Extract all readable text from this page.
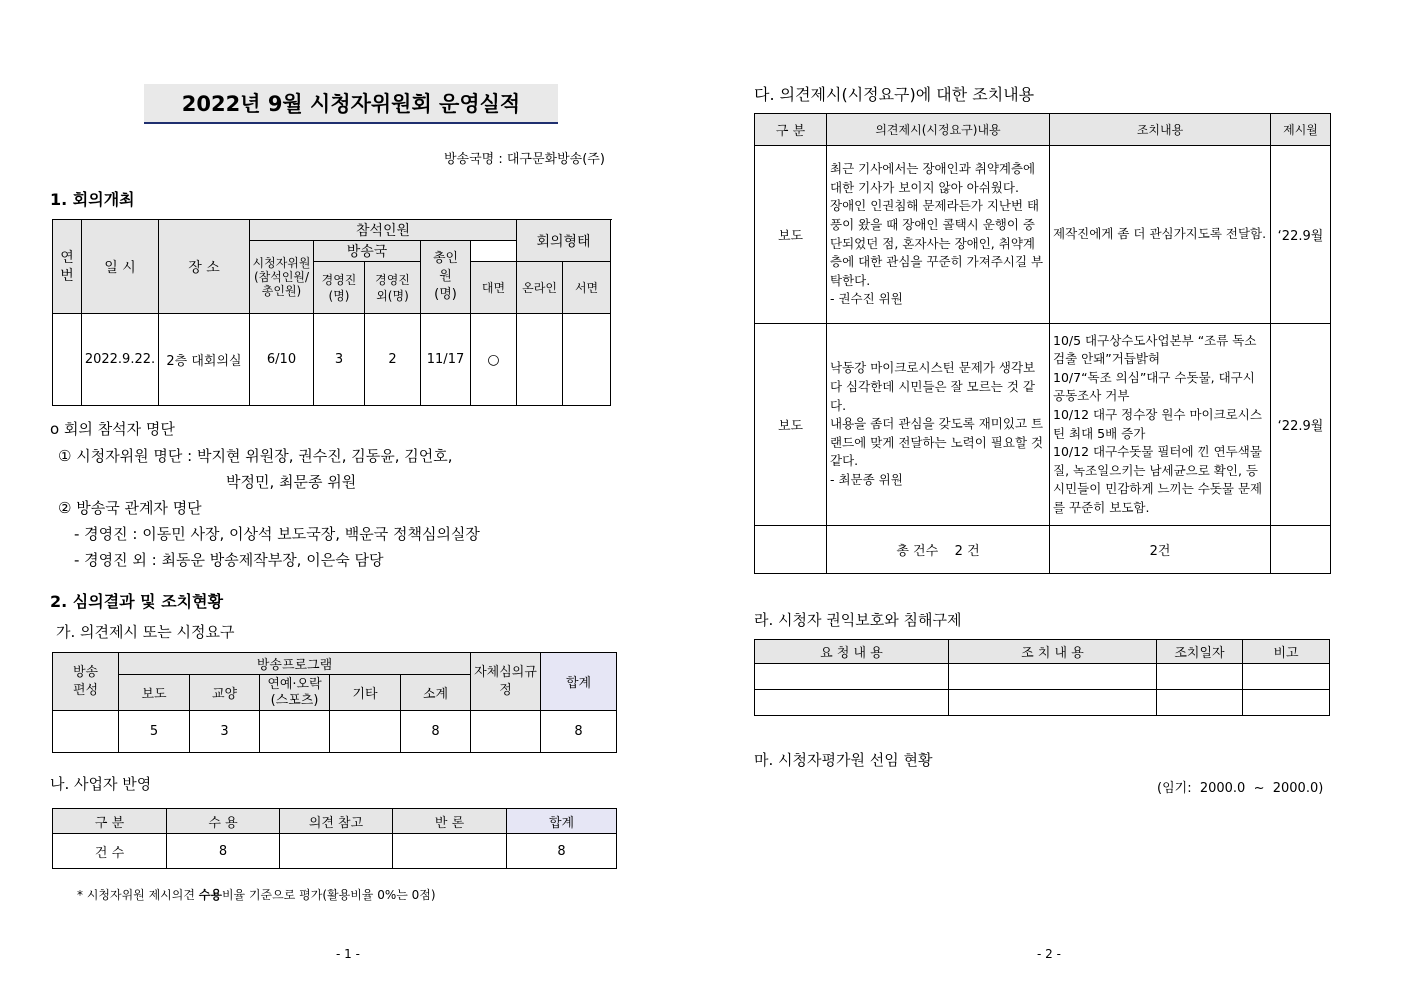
2022년 9월 시청자위원회 운영실적
방송국명 : 대구문화방송(주)
1. 회의개최
연번	일 시	장 소	참석인원					회의형태	
			시청자위원(참석인원/총인원)	방송국		총인원(명)			
				경영진(명)	경영진외(명)		대면	온라인	서면
	2022.9.22.	2층 대회의실	6/10	3	2	11/17	○		
o 회의 참석자 명단
① 시청자위원 명단 : 박지현 위원장, 권수진, 김동윤, 김언호,
박정민, 최문종 위원
② 방송국 관계자 명단
- 경영진 : 이동민 사장, 이상석 보도국장, 백운국 정책심의실장
- 경영진 외 : 최동운 방송제작부장, 이은숙 담당
2. 심의결과 및 조치현황
가. 의견제시 또는 시정요구
방송편성	방송프로그램					자체심의규정	합계
	보도	교양	연예·오락(스포츠)	기타	소계		
	5	3			8		8
나. 사업자 반영
구 분	수 용	의견 참고	반 론	합계
건 수	8			8
* 시청자위원 제시의견 수용비율 기준으로 평가(활용비율 0%는 0점)
- 1 -
다. 의견제시(시정요구)에 대한 조치내용
구 분	의견제시(시정요구)내용	조치내용	제시월
보도	최근 기사에서는 장애인과 취약계층에 대한 기사가 보이지 않아 아쉬웠다.
장애인 인권침해 문제라든가 지난번 태풍이 왔을 때 장애인 콜택시 운행이 중단되었던 점, 혼자사는 장애인, 취약계층에 대한 관심을 꾸준히 가져주시길 부탁한다.
- 권수진 위원	제작진에게 좀 더 관심가지도록 전달함.	‘22.9월
보도	낙동강 마이크로시스틴 문제가 생각보다 심각한데 시민들은 잘 모르는 것 같다.
내용을 좀더 관심을 갖도록 재미있고 트랜드에 맞게 전달하는 노력이 필요할 것 같다.
- 최문종 위원	10/5 대구상수도사업본부 “조류 독소 검출 안돼”거듭밝혀
10/7“독조 의심”대구 수돗물, 대구시 공동조사 거부
10/12 대구 정수장 원수 마이크로시스틴 최대 5배 증가
10/12 대구수돗물 필터에 낀 연두색물질, 녹조일으키는 남세균으로 확인, 등 시민들이 민감하게 느끼는 수돗물 문제를 꾸준히 보도함.	‘22.9월
	총 건수    2 건	2건	
라. 시청자 권익보호와 침해구제
요 청 내 용	조 치 내 용	조치일자	비고

마. 시청자평가원 선임 현황
(임기:  2000.0  ~  2000.0)
- 2 -
